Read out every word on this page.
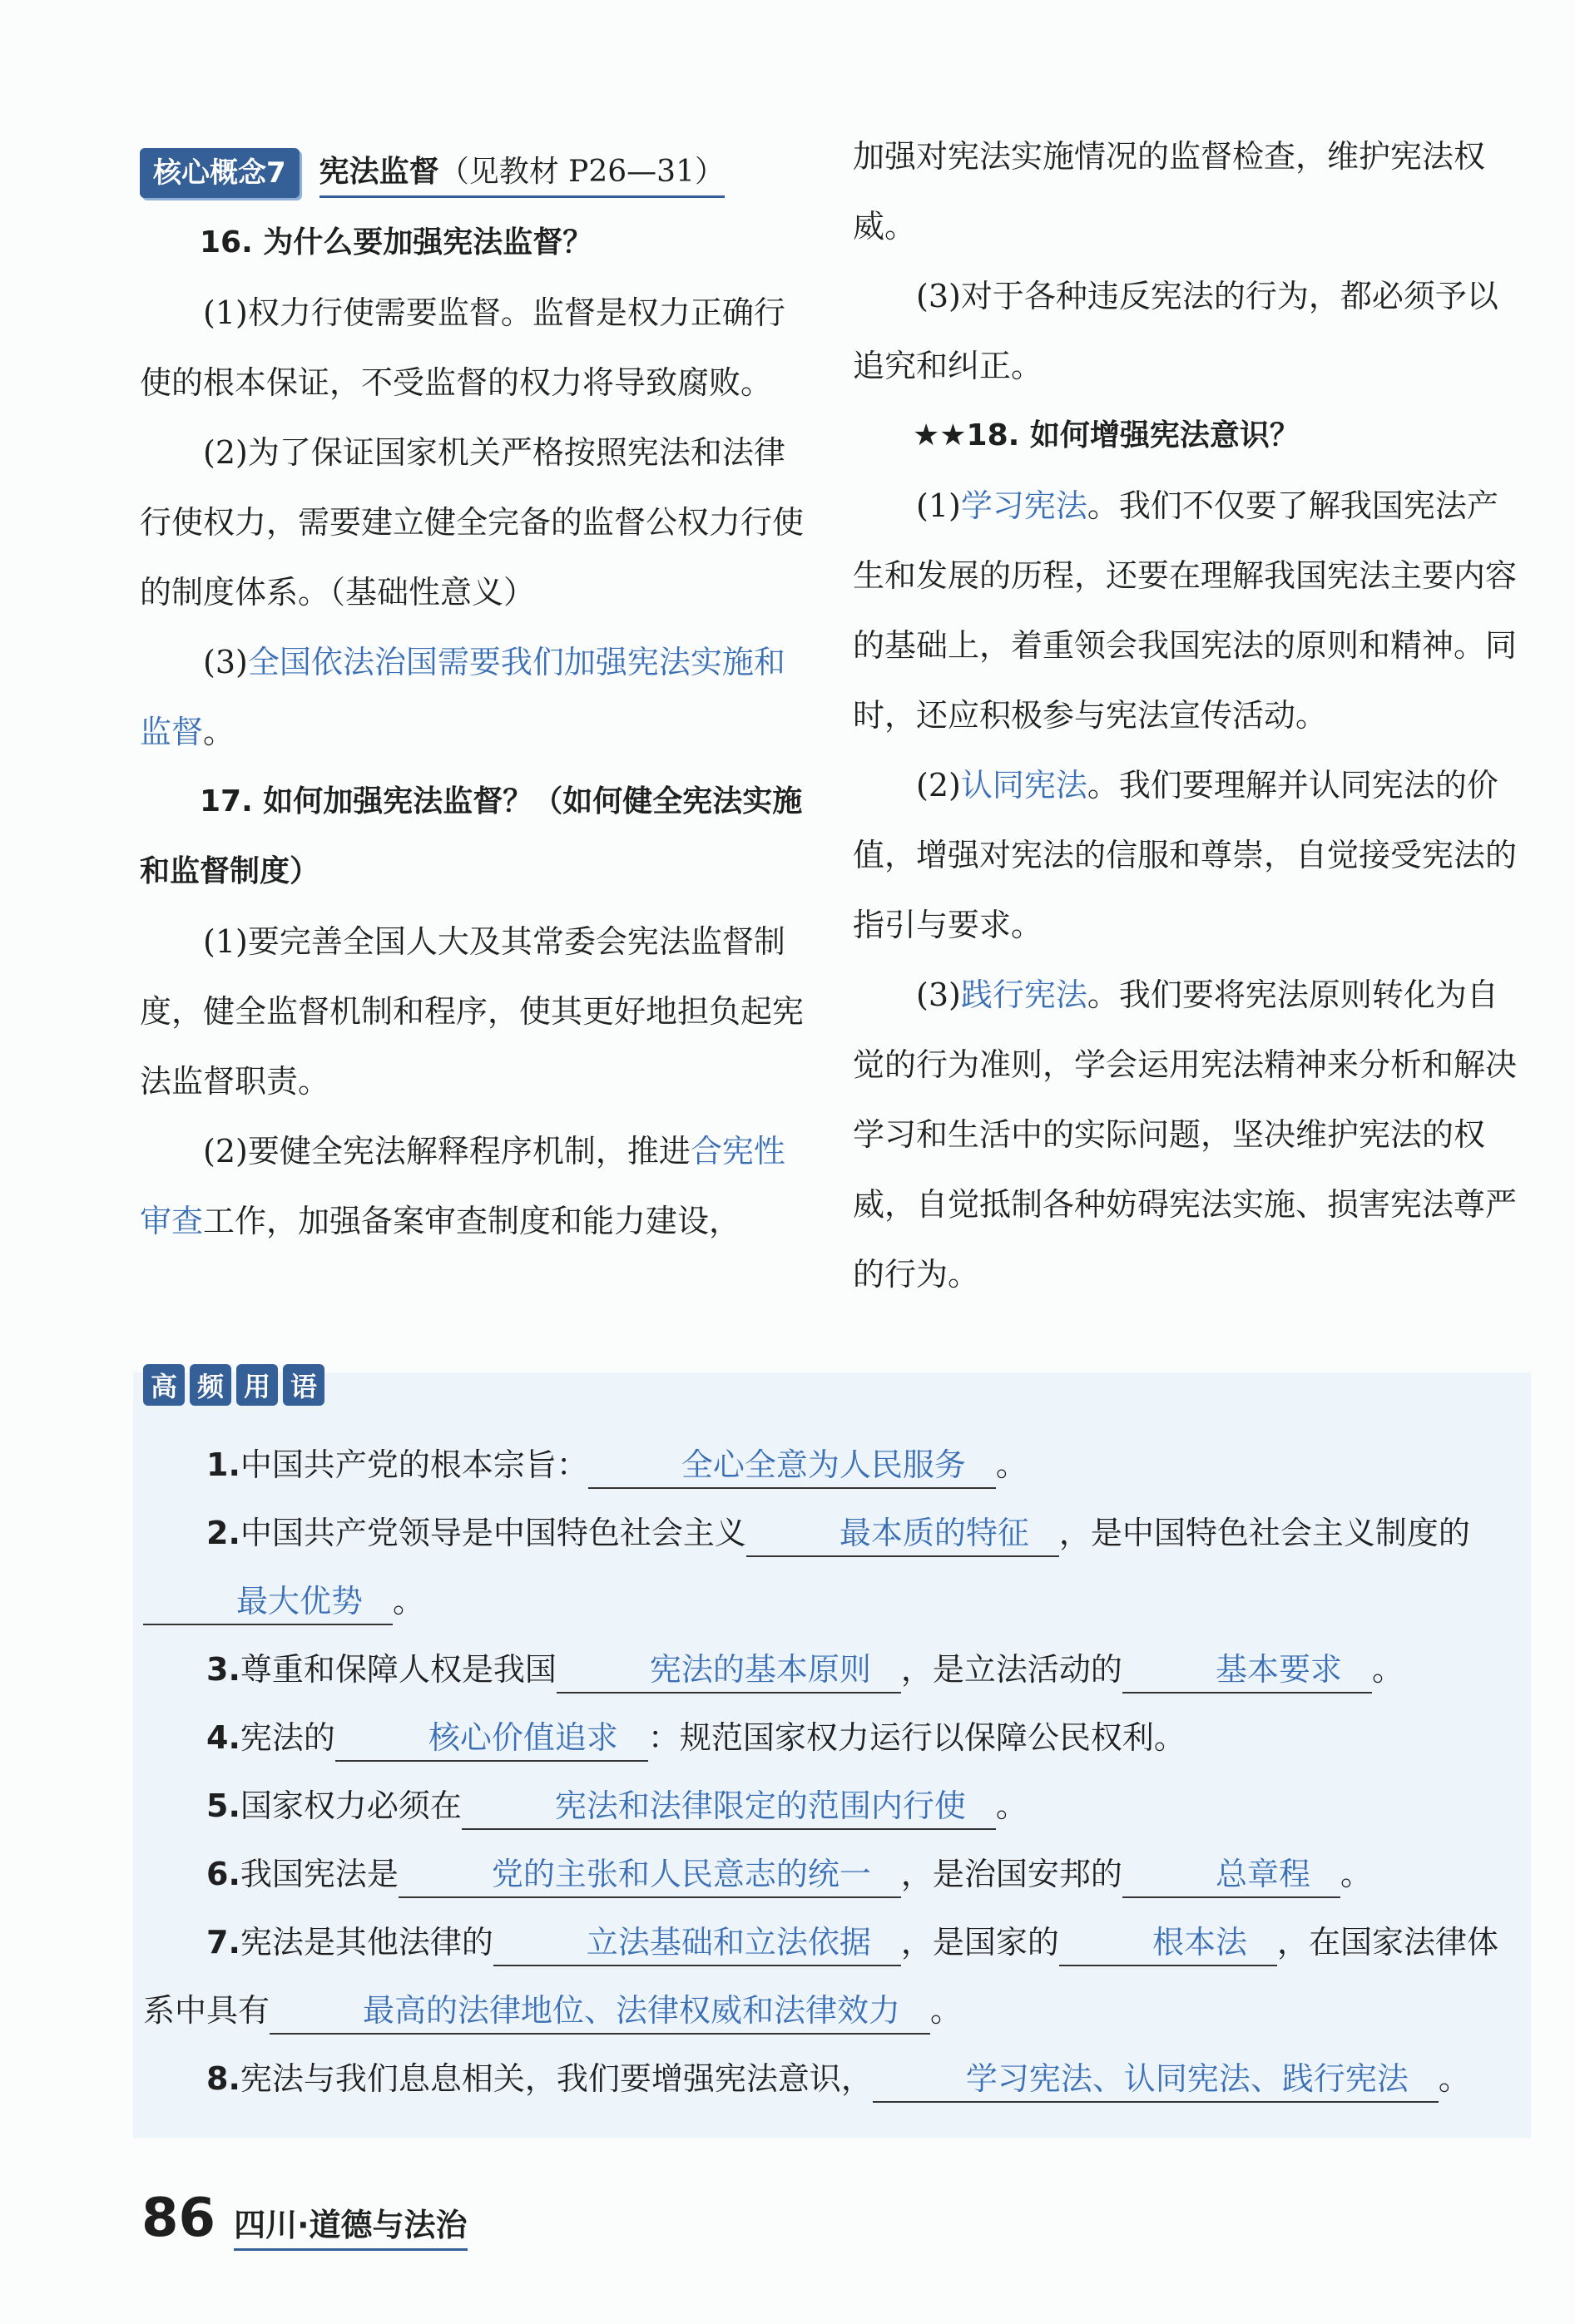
核心概念7	宪法监督（见教材 P26—31）

16. 为什么要加强宪法监督？

(1)权力行使需要监督。监督是权力正确行使的根本保证，不受监督的权力将导致腐败。

(2)为了保证国家机关严格按照宪法和法律行使权力，需要建立健全完备的监督公权力行使的制度体系。（基础性意义）

(3)全国依法治国需要我们加强宪法实施和监督。

17. 如何加强宪法监督？（如何健全宪法实施和监督制度）

(1)要完善全国人大及其常委会宪法监督制度，健全监督机制和程序，使其更好地担负起宪法监督职责。

(2)要健全宪法解释程序机制，推进合宪性审查工作，加强备案审查制度和能力建设，

加强对宪法实施情况的监督检查，维护宪法权威。

(3)对于各种违反宪法的行为，都必须予以追究和纠正。

★★18. 如何增强宪法意识？

(1)学习宪法。我们不仅要了解我国宪法产生和发展的历程，还要在理解我国宪法主要内容的基础上，着重领会我国宪法的原则和精神。同时，还应积极参与宪法宣传活动。

(2)认同宪法。我们要理解并认同宪法的价值，增强对宪法的信服和尊崇，自觉接受宪法的指引与要求。

(3)践行宪法。我们要将宪法原则转化为自觉的行为准则，学会运用宪法精神来分析和解决学习和生活中的实际问题，坚决维护宪法的权威，自觉抵制各种妨碍宪法实施、损害宪法尊严的行为。

高 频 用 语

1.中国共产党的根本宗旨：	全心全意为人民服务 。

2.中国共产党领导是中国特色社会主义	最本质的特征 ，是中国特色社会主义制度的
最大优势 。

3.尊重和保障人权是我国	宪法的基本原则 ，是立法活动的	基本要求 。

4.宪法的	核心价值追求 ：规范国家权力运行以保障公民权利。

5.国家权力必须在	宪法和法律限定的范围内行使 。

6.我国宪法是	党的主张和人民意志的统一 ，是治国安邦的	总章程 。

7.宪法是其他法律的	立法基础和立法依据 ，是国家的	根本法 ，在国家法律体系中具有	最高的法律地位、法律权威和法律效力 。

8.宪法与我们息息相关，我们要增强宪法意识，	学习宪法、认同宪法、践行宪法 。

86 四川·道德与法治
